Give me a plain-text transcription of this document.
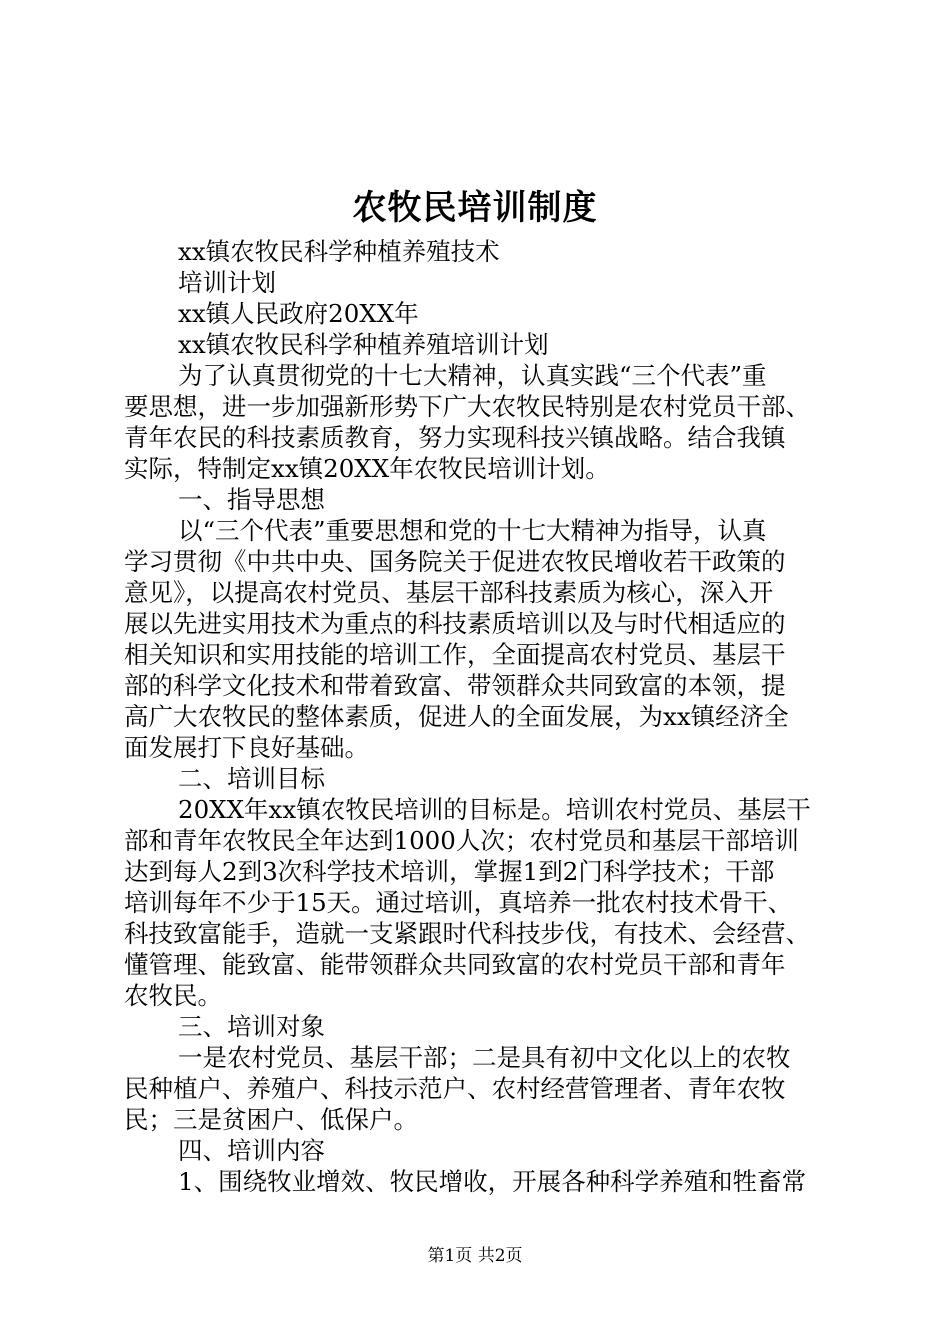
农牧民培训制度
xx镇农牧民科学种植养殖技术
培训计划
xx镇人民政府20XX年
xx镇农牧民科学种植养殖培训计划
为了认真贯彻党的十七大精神，认真实践“三个代表”重
要思想，进一步加强新形势下广大农牧民特别是农村党员干部、
青年农民的科技素质教育，努力实现科技兴镇战略。结合我镇
实际，特制定xx镇20XX年农牧民培训计划。
一、指导思想
以“三个代表”重要思想和党的十七大精神为指导，认真
学习贯彻《中共中央、国务院关于促进农牧民增收若干政策的
意见》，以提高农村党员、基层干部科技素质为核心，深入开
展以先进实用技术为重点的科技素质培训以及与时代相适应的
相关知识和实用技能的培训工作，全面提高农村党员、基层干
部的科学文化技术和带着致富、带领群众共同致富的本领，提
高广大农牧民的整体素质，促进人的全面发展，为xx镇经济全
面发展打下良好基础。
二、培训目标
20XX年xx镇农牧民培训的目标是。培训农村党员、基层干
部和青年农牧民全年达到1000人次；农村党员和基层干部培训
达到每人2到3次科学技术培训，掌握1到2门科学技术；干部
培训每年不少于15天。通过培训，真培养一批农村技术骨干、
科技致富能手，造就一支紧跟时代科技步伐，有技术、会经营、
懂管理、能致富、能带领群众共同致富的农村党员干部和青年
农牧民。
三、培训对象
一是农村党员、基层干部；二是具有初中文化以上的农牧
民种植户、养殖户、科技示范户、农村经营管理者、青年农牧
民；三是贫困户、低保户。
四、培训内容
1、围绕牧业增效、牧民增收，开展各种科学养殖和牲畜常
第1页 共2页
